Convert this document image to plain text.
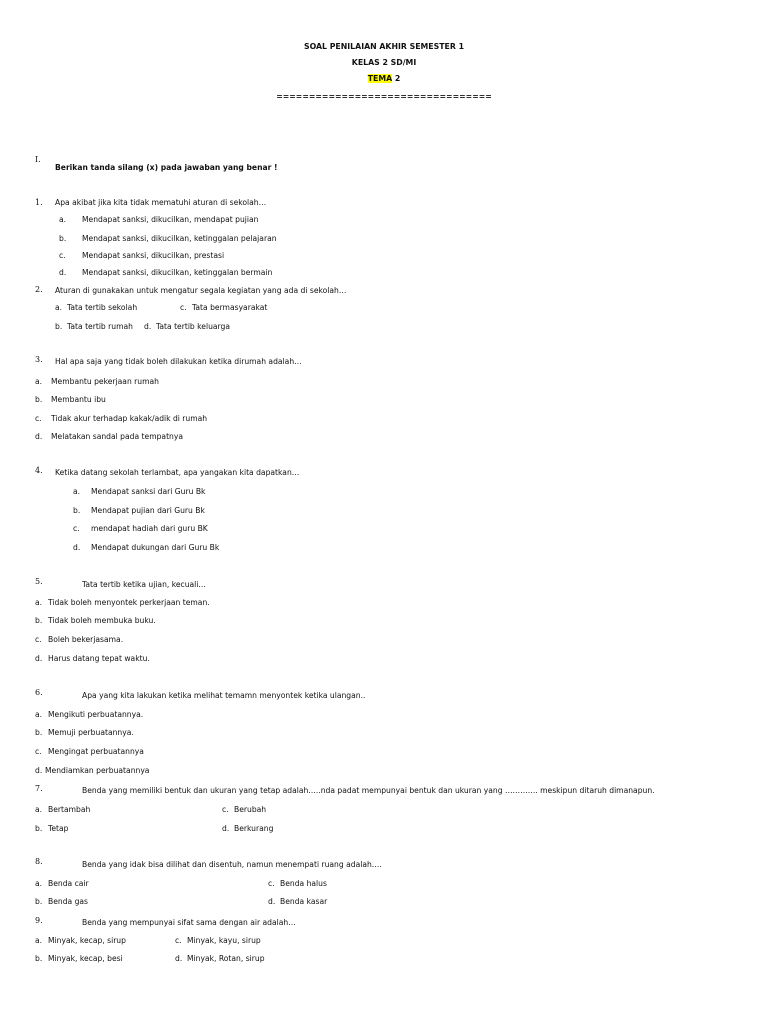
SOAL PENILAIAN AKHIR SEMESTER 1
KELAS 2 SD/MI
TEMA 2
=================================
I.
Berikan tanda silang (x) pada jawaban yang benar !
1. Apa akibat jika kita tidak mematuhi aturan di sekolah…
a. Mendapat sanksi, dikucilkan, mendapat pujian
b. Mendapat sanksi, dikucilkan, ketinggalan pelajaran
c. Mendapat sanksi, dikucilkan, prestasi
d. Mendapat sanksi, dikucilkan, ketinggalan bermain
2. Aturan di gunakakan untuk mengatur segala kegiatan yang ada di sekolah…
a. Tata tertib sekolah	c. Tata bermasyarakat
b. Tata tertib rumah d. Tata tertib keluarga
3. Hal apa saja yang tidak boleh dilakukan ketika dirumah adalah…
a. Membantu pekerjaan rumah
b. Membantu ibu
c. Tidak akur terhadap kakak/adik di rumah
d. Melatakan sandal pada tempatnya
4. Ketika datang sekolah terlambat, apa yangakan kita dapatkan…
a. Mendapat sanksi dari Guru Bk
b. Mendapat pujian dari Guru Bk
c. mendapat hadiah dari guru BK
d. Mendapat dukungan dari Guru Bk
5.	Tata tertib ketika ujian, kecuali…
a. Tidak boleh menyontek perkerjaan teman.
b. Tidak boleh membuka buku.
c. Boleh bekerjasama.
d. Harus datang tepat waktu.
6.	Apa yang kita lakukan ketika melihat temamn menyontek ketika ulangan..
a. Mengikuti perbuatannya.
b. Memuji perbuatannya.
c. Mengingat perbuatannya
d. Mendiamkan perbuatannya
7.	Benda yang memiliki bentuk dan ukuran yang tetap adalah…..nda padat mempunyai bentuk dan ukuran yang …………. meskipun ditaruh dimanapun.
a. Bertambah	c. Berubah
b. Tetap	d. Berkurang
8.	Benda yang idak bisa dilihat dan disentuh, namun menempati ruang adalah….
a. Benda cair	c. Benda halus
b. Benda gas	d. Benda kasar
9.	Benda yang mempunyai sifat sama dengan air adalah…
a. Minyak, kecap, sirup	c. Minyak, kayu, sirup
b. Minyak, kecap, besi	d. Minyak, Rotan, sirup
